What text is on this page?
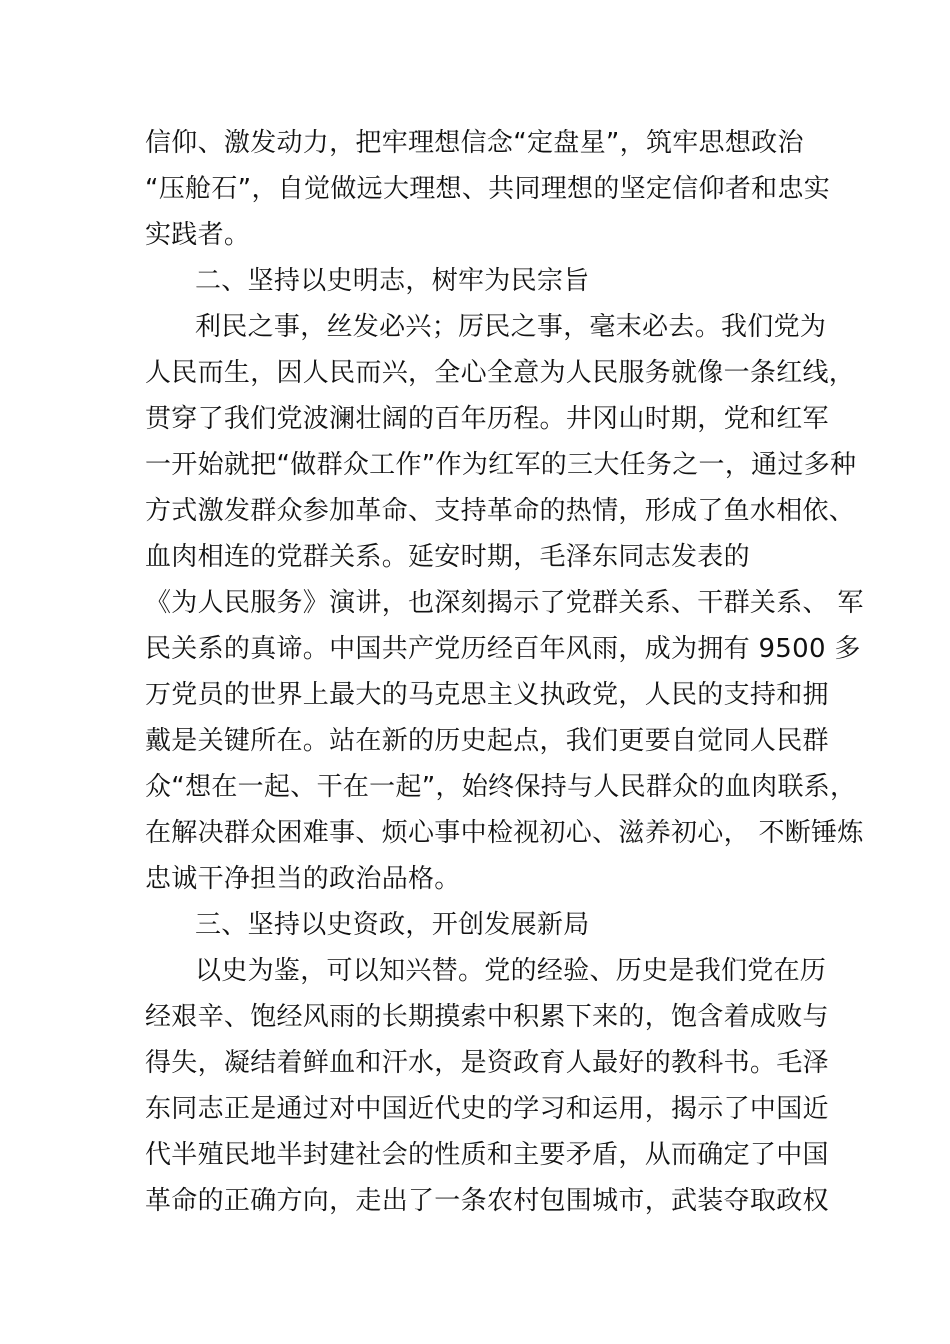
信仰、激发动力，把牢理想信念“定盘星”，筑牢思想政治
“压舱石”，自觉做远大理想、共同理想的坚定信仰者和忠实
实践者。
二、坚持以史明志，树牢为民宗旨
利民之事，丝发必兴；厉民之事，毫末必去。我们党为
人民而生，因人民而兴，全心全意为人民服务就像一条红线，
贯穿了我们党波澜壮阔的百年历程。井冈山时期，党和红军
一开始就把“做群众工作”作为红军的三大任务之一，通过多种
方式激发群众参加革命、支持革命的热情，形成了鱼水相依、
血肉相连的党群关系。延安时期，毛泽东同志发表的
《为人民服务》演讲，也深刻揭示了党群关系、干群关系、 军
民关系的真谛。中国共产党历经百年风雨，成为拥有 9500 多
万党员的世界上最大的马克思主义执政党，人民的支持和拥
戴是关键所在。站在新的历史起点，我们更要自觉同人民群
众“想在一起、干在一起”，始终保持与人民群众的血肉联系，
在解决群众困难事、烦心事中检视初心、滋养初心， 不断锤炼
忠诚干净担当的政治品格。
三、坚持以史资政，开创发展新局
以史为鉴，可以知兴替。党的经验、历史是我们党在历
经艰辛、饱经风雨的长期摸索中积累下来的，饱含着成败与
得失，凝结着鲜血和汗水，是资政育人最好的教科书。毛泽
东同志正是通过对中国近代史的学习和运用，揭示了中国近
代半殖民地半封建社会的性质和主要矛盾，从而确定了中国
革命的正确方向，走出了一条农村包围城市，武装夺取政权
